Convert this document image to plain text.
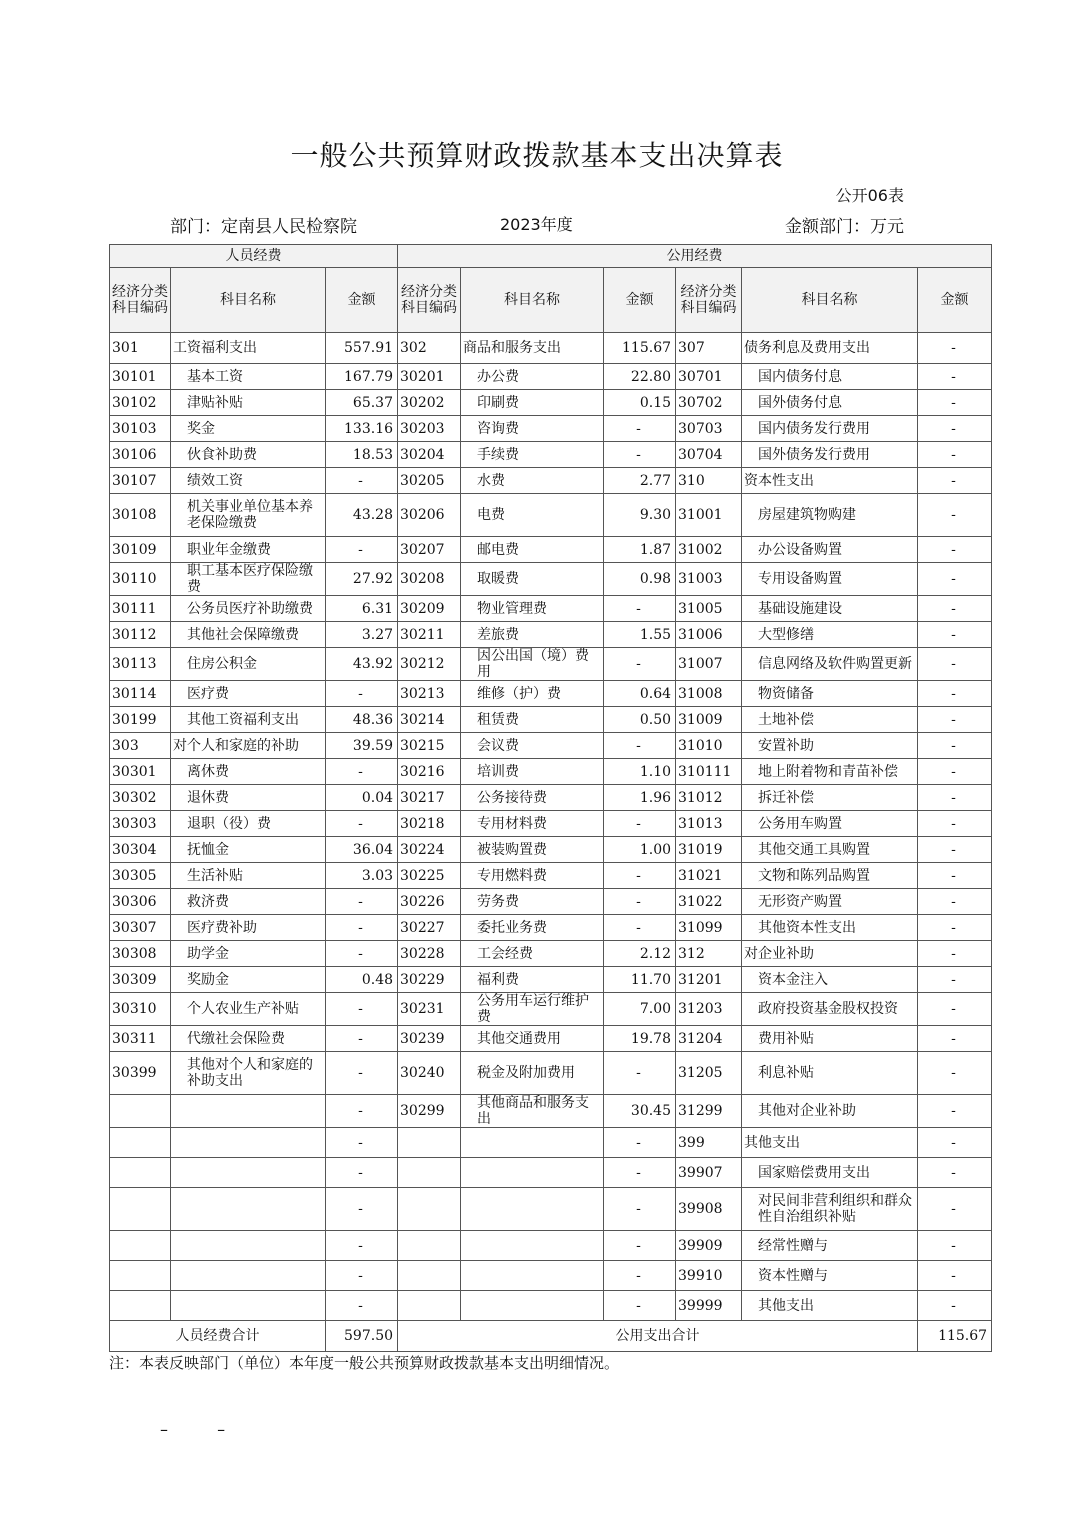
一般公共预算财政拨款基本支出决算表
公开06表
部门：定南县人民检察院	2023年度	金额部门：万元
人员经费			公用经费					
经济分类科目编码	科目名称	金额	经济分类科目编码	科目名称	金额	经济分类科目编码	科目名称	金额
301	工资福利支出	557.91	302	商品和服务支出	115.67	307	债务利息及费用支出	-
30101	基本工资	167.79	30201	办公费	22.80	30701	国内债务付息	-
30102	津贴补贴	65.37	30202	印刷费	0.15	30702	国外债务付息	-
30103	奖金	133.16	30203	咨询费	-	30703	国内债务发行费用	-
30106	伙食补助费	18.53	30204	手续费	-	30704	国外债务发行费用	-
30107	绩效工资	-	30205	水费	2.77	310	资本性支出	-
30108	机关事业单位基本养老保险缴费	43.28	30206	电费	9.30	31001	房屋建筑物购建	-
30109	职业年金缴费	-	30207	邮电费	1.87	31002	办公设备购置	-
30110	职工基本医疗保险缴费	27.92	30208	取暖费	0.98	31003	专用设备购置	-
30111	公务员医疗补助缴费	6.31	30209	物业管理费	-	31005	基础设施建设	-
30112	其他社会保障缴费	3.27	30211	差旅费	1.55	31006	大型修缮	-
30113	住房公积金	43.92	30212	因公出国（境）费用	-	31007	信息网络及软件购置更新	-
30114	医疗费	-	30213	维修（护）费	0.64	31008	物资储备	-
30199	其他工资福利支出	48.36	30214	租赁费	0.50	31009	土地补偿	-
303	对个人和家庭的补助	39.59	30215	会议费	-	31010	安置补助	-
30301	离休费	-	30216	培训费	1.10	310111	地上附着物和青苗补偿	-
30302	退休费	0.04	30217	公务接待费	1.96	31012	拆迁补偿	-
30303	退职（役）费	-	30218	专用材料费	-	31013	公务用车购置	-
30304	抚恤金	36.04	30224	被装购置费	1.00	31019	其他交通工具购置	-
30305	生活补贴	3.03	30225	专用燃料费	-	31021	文物和陈列品购置	-
30306	救济费	-	30226	劳务费	-	31022	无形资产购置	-
30307	医疗费补助	-	30227	委托业务费	-	31099	其他资本性支出	-
30308	助学金	-	30228	工会经费	2.12	312	对企业补助	-
30309	奖励金	0.48	30229	福利费	11.70	31201	资本金注入	-
30310	个人农业生产补贴	-	30231	公务用车运行维护费	7.00	31203	政府投资基金股权投资	-
30311	代缴社会保险费	-	30239	其他交通费用	19.78	31204	费用补贴	-
30399	其他对个人和家庭的补助支出	-	30240	税金及附加费用	-	31205	利息补贴	-
		-	30299	其他商品和服务支出	30.45	31299	其他对企业补助	-
		-			-	399	其他支出	-
		-			-	39907	国家赔偿费用支出	-
		-			-	39908	对民间非营利组织和群众性自治组织补贴	-
		-			-	39909	经常性赠与	-
		-			-	39910	资本性赠与	-
		-			-	39999	其他支出	-
人员经费合计		597.50	公用支出合计					115.67
注：本表反映部门（单位）本年度一般公共预算财政拨款基本支出明细情况。
– –
